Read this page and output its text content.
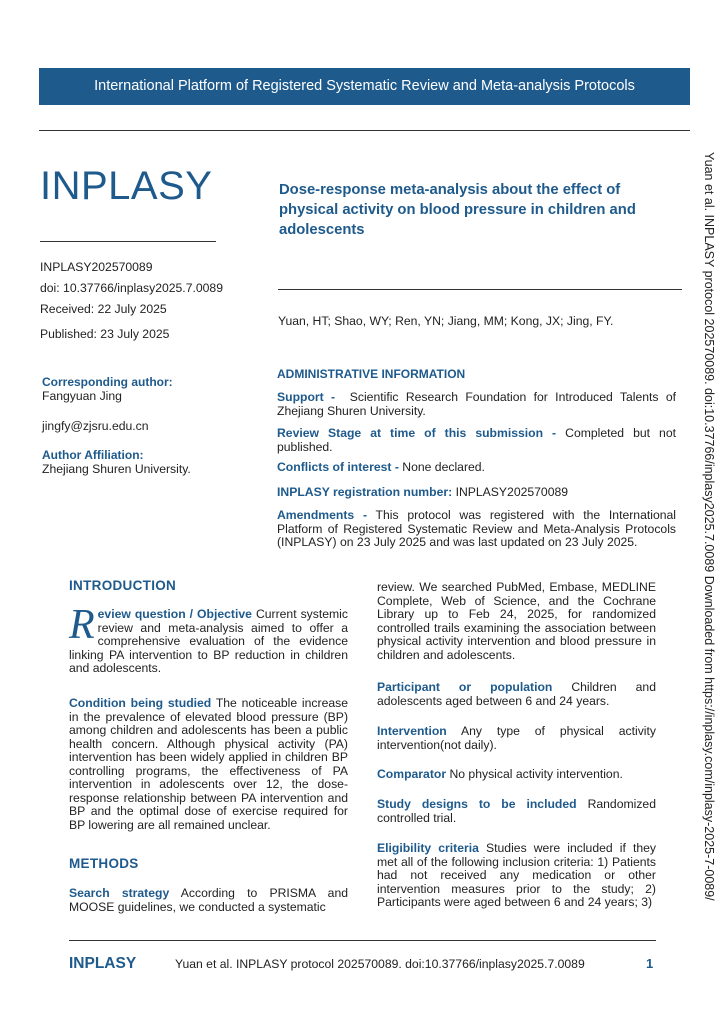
International Platform of Registered Systematic Review and Meta-analysis Protocols
INPLASY	Dose-response meta-analysis about the effect of physical activity on blood pressure in children and adolescents
INPLASY202570089
doi: 10.37766/inplasy2025.7.0089
Received: 22 July 2025
Published: 23 July 2025
Yuan, HT; Shao, WY; Ren, YN; Jiang, MM; Kong, JX; Jing, FY.
Corresponding author:
Fangyuan Jing
jingfy@zjsru.edu.cn
Author Affiliation:
Zhejiang Shuren University.
ADMINISTRATIVE INFORMATION
Support - Scientific Research Foundation for Introduced Talents of Zhejiang Shuren University.
Review Stage at time of this submission - Completed but not published.
Conflicts of interest - None declared.
INPLASY registration number: INPLASY202570089
Amendments - This protocol was registered with the International Platform of Registered Systematic Review and Meta-Analysis Protocols (INPLASY) on 23 July 2025 and was last updated on 23 July 2025.
INTRODUCTION
R eview question / Objective Current systemic review and meta-analysis aimed to offer a comprehensive evaluation of the evidence linking PA intervention to BP reduction in children and adolescents.
Condition being studied The noticeable increase in the prevalence of elevated blood pressure (BP) among children and adolescents has been a public health concern. Although physical activity (PA) intervention has been widely applied in children BP controlling programs, the effectiveness of PA intervention in adolescents over 12, the dose-response relationship between PA intervention and BP and the optimal dose of exercise required for BP lowering are all remained unclear.
METHODS
Search strategy According to PRISMA and MOOSE guidelines, we conducted a systematic
review. We searched PubMed, Embase, MEDLINE Complete, Web of Science, and the Cochrane Library up to Feb 24, 2025, for randomized controlled trails examining the association between physical activity intervention and blood pressure in children and adolescents.
Participant or population Children and adolescents aged between 6 and 24 years.
Intervention Any type of physical activity intervention(not daily).
Comparator No physical activity intervention.
Study designs to be included Randomized controlled trial.
Eligibility criteria Studies were included if they met all of the following inclusion criteria: 1) Patients had not received any medication or other intervention measures prior to the study; 2) Participants were aged between 6 and 24 years; 3)
Yuan et al. INPLASY protocol 202570089. doi:10.37766/inplasy2025.7.0089 Downloaded from https://inplasy.com/inplasy-2025-7-0089/
INPLASY	Yuan et al. INPLASY protocol 202570089. doi:10.37766/inplasy2025.7.0089	1
